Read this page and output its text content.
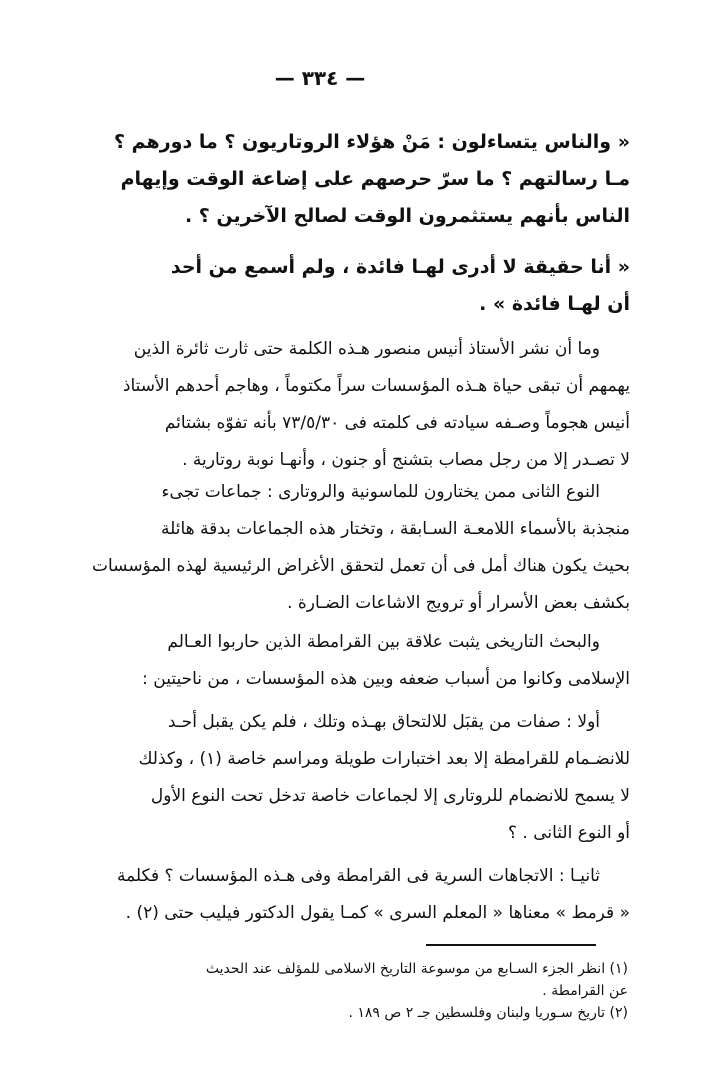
— ٣٣٤ —
« والناس يتساءلون : مَنْ هؤلاء الروتاريون ؟ ما دورهم ؟
مـا رسالتهم ؟ ما سرّ حرصهم على إضاعة الوقت وإيهام
الناس بأنهم يستثمرون الوقت لصالح الآخرين ؟ .
« أنا حقيقة لا أدرى لهـا فائدة ، ولم أسمع من أحد
أن لهـا فائدة » .
وما أن نشر الأستاذ أنيس منصور هـذه الكلمة حتى ثارت ثائرة الذين
يهمهم أن تبقى حياة هـذه المؤسسات سراً مكتوماً ، وهاجم أحدهم الأستاذ
أنيس هجوماً وصـفه سيادته فى كلمته فى ٧٣/٥/٣٠ بأنه تفوّه بشتائم
لا تصـدر إلا من رجل مصاب بتشنج أو جنون ، وأنهـا نوبة روتارية .
النوع الثانى ممن يختارون للماسونية والروتارى : جماعات تجىء
منجذبة بالأسماء اللامعـة السـابقة ، وتختار هذه الجماعات بدقة هائلة
بحيث يكون هناك أمل فى أن تعمل لتحقق الأغراض الرئيسية لهذه المؤسسات
بكشف بعض الأسرار أو ترويج الاشاعات الضـارة .
والبحث التاريخى يثبت علاقة بين القرامطة الذين حاربوا العـالم
الإسلامى وكانوا من أسباب ضعفه وبين هذه المؤسسات ، من ناحيتين :
أولا : صفات من يقبَل للالتحاق بهـذه وتلك ، فلم يكن يقبل أحـد
للانضـمام للقرامطة إلا بعد اختبارات طويلة ومراسم خاصة (١) ، وكذلك
لا يسمح للانضمام للروتارى إلا لجماعات خاصة تدخل تحت النوع الأول
أو النوع الثانى . ؟
ثانيـا : الاتجاهات السرية فى القرامطة وفى هـذه المؤسسات ؟ فكلمة
« قرمط » معناها « المعلم السرى » كمـا يقول الدكتور فيليب حتى (٢) .
(١) انظر الجزء السـابع من موسوعة التاريخ الاسلامى للمؤلف عند الحديث
عن القرامطة .
(٢) تاريخ سـوريا ولبنان وفلسطين جـ ٢ ص ١٨٩ .
